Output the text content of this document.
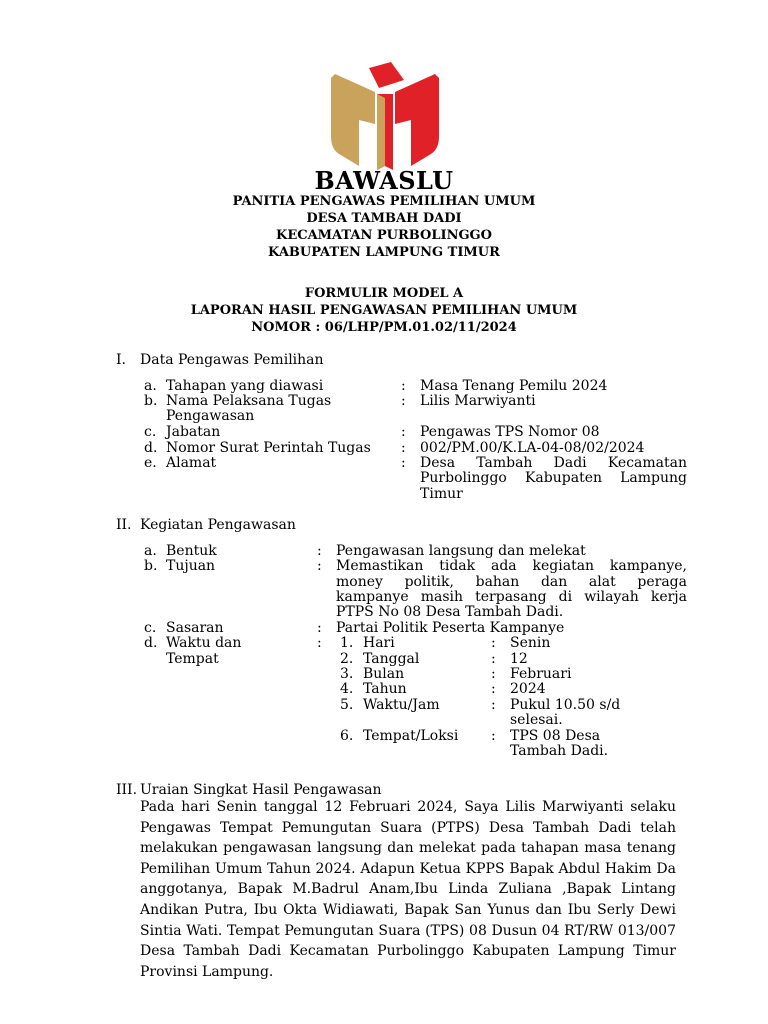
BAWASLU
PANITIA PENGAWAS PEMILIHAN UMUM
DESA TAMBAH DADI
KECAMATAN PURBOLINGGO
KABUPATEN LAMPUNG TIMUR
FORMULIR MODEL A
LAPORAN HASIL PENGAWASAN PEMILIHAN UMUM
NOMOR : 06/LHP/PM.01.02/11/2024
I. Data Pengawas Pemilihan
a. Tahapan yang diawasi	: Masa Tenang Pemilu 2024
b. Nama Pelaksana Tugas
Pengawasan
: Lilis Marwiyanti
c. Jabatan	: Pengawas TPS Nomor 08
d. Nomor Surat Perintah Tugas : 002/PM.00/K.LA-04-08/02/2024
e. Alamat	: Desa Tambah Dadi Kecamatan
Purbolinggo Kabupaten Lampung
Timur
II. Kegiatan Pengawasan
a. Bentuk	: Pengawasan langsung dan melekat
b. Tujuan	: Memastikan tidak ada kegiatan kampanye,
money politik, bahan dan alat peraga
kampanye masih terpasang di wilayah kerja
PTPS No 08 Desa Tambah Dadi.
c. Sasaran	: Partai Politik Peserta Kampanye
d. Waktu dan
Tempat
: 1. Hari	: Senin
2. Tanggal	: 12
3. Bulan	: Februari
4. Tahun	: 2024
5. Waktu/Jam	: Pukul 10.50 s/d
selesai.
6. Tempat/Loksi : TPS 08 Desa
Tambah Dadi.
III. Uraian Singkat Hasil Pengawasan
Pada hari Senin tanggal 12 Februari 2024, Saya Lilis Marwiyanti selaku Pengawas Tempat Pemungutan Suara (PTPS) Desa Tambah Dadi telah melakukan pengawasan langsung dan melekat pada tahapan masa tenang Pemilihan Umum Tahun 2024. Adapun Ketua KPPS Bapak Abdul Hakim Da anggotanya, Bapak M.Badrul Anam,Ibu Linda Zuliana ,Bapak Lintang Andikan Putra, Ibu Okta Widiawati, Bapak San Yunus dan Ibu Serly Dewi Sintia Wati. Tempat Pemungutan Suara (TPS) 08 Dusun 04 RT/RW 013/007 Desa Tambah Dadi Kecamatan Purbolinggo Kabupaten Lampung Timur Provinsi Lampung.
